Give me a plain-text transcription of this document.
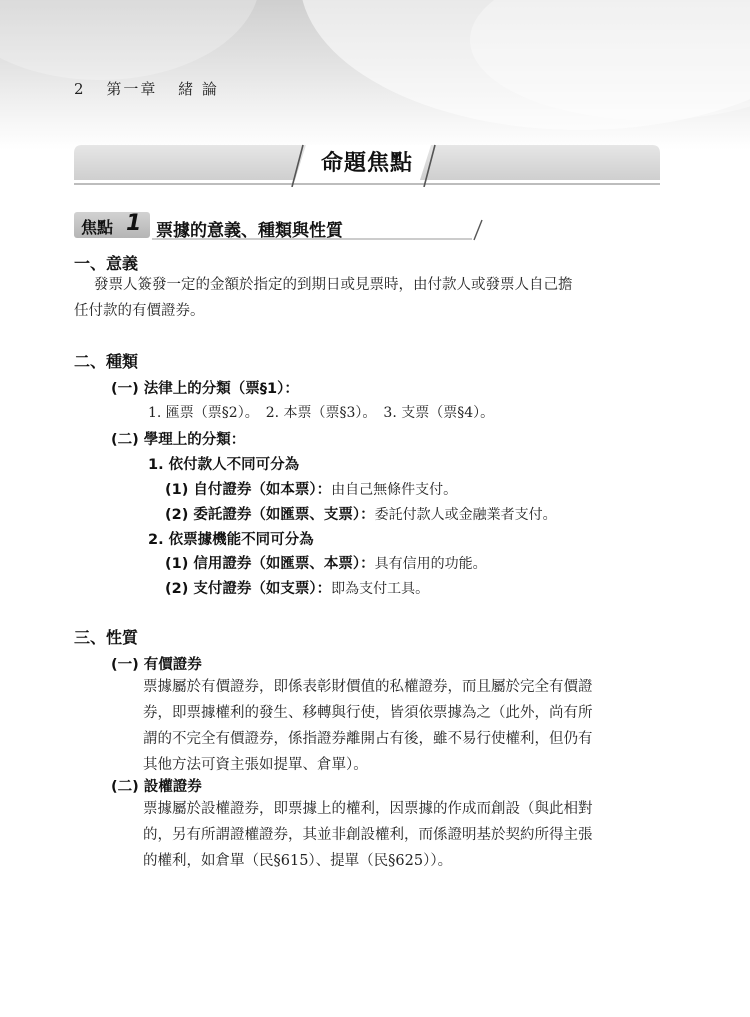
2 第一章 緒 論
命題焦點
焦點 1 票據的意義、種類與性質
一、意義
發票人簽發一定的金額於指定的到期日或見票時，由付款人或發票人自己擔
任付款的有價證券。
二、種類
(一) 法律上的分類（票§1）：
1. 匯票（票§2）。　2. 本票（票§3）。　3. 支票（票§4）。
(二) 學理上的分類：
1. 依付款人不同可分為
(1) 自付證券（如本票）：由自己無條件支付。
(2) 委託證券（如匯票、支票）：委託付款人或金融業者支付。
2. 依票據機能不同可分為
(1) 信用證券（如匯票、本票）：具有信用的功能。
(2) 支付證券（如支票）：即為支付工具。
三、性質
(一) 有價證券
票據屬於有價證券，即係表彰財價值的私權證券，而且屬於完全有價證
券，即票據權利的發生、移轉與行使，皆須依票據為之（此外，尚有所
謂的不完全有價證券，係指證券離開占有後，雖不易行使權利，但仍有
其他方法可資主張如提單、倉單）。
(二) 設權證券
票據屬於設權證券，即票據上的權利，因票據的作成而創設（與此相對
的，另有所謂證權證券，其並非創設權利，而係證明基於契約所得主張
的權利，如倉單（民§615）、提單（民§625））。
